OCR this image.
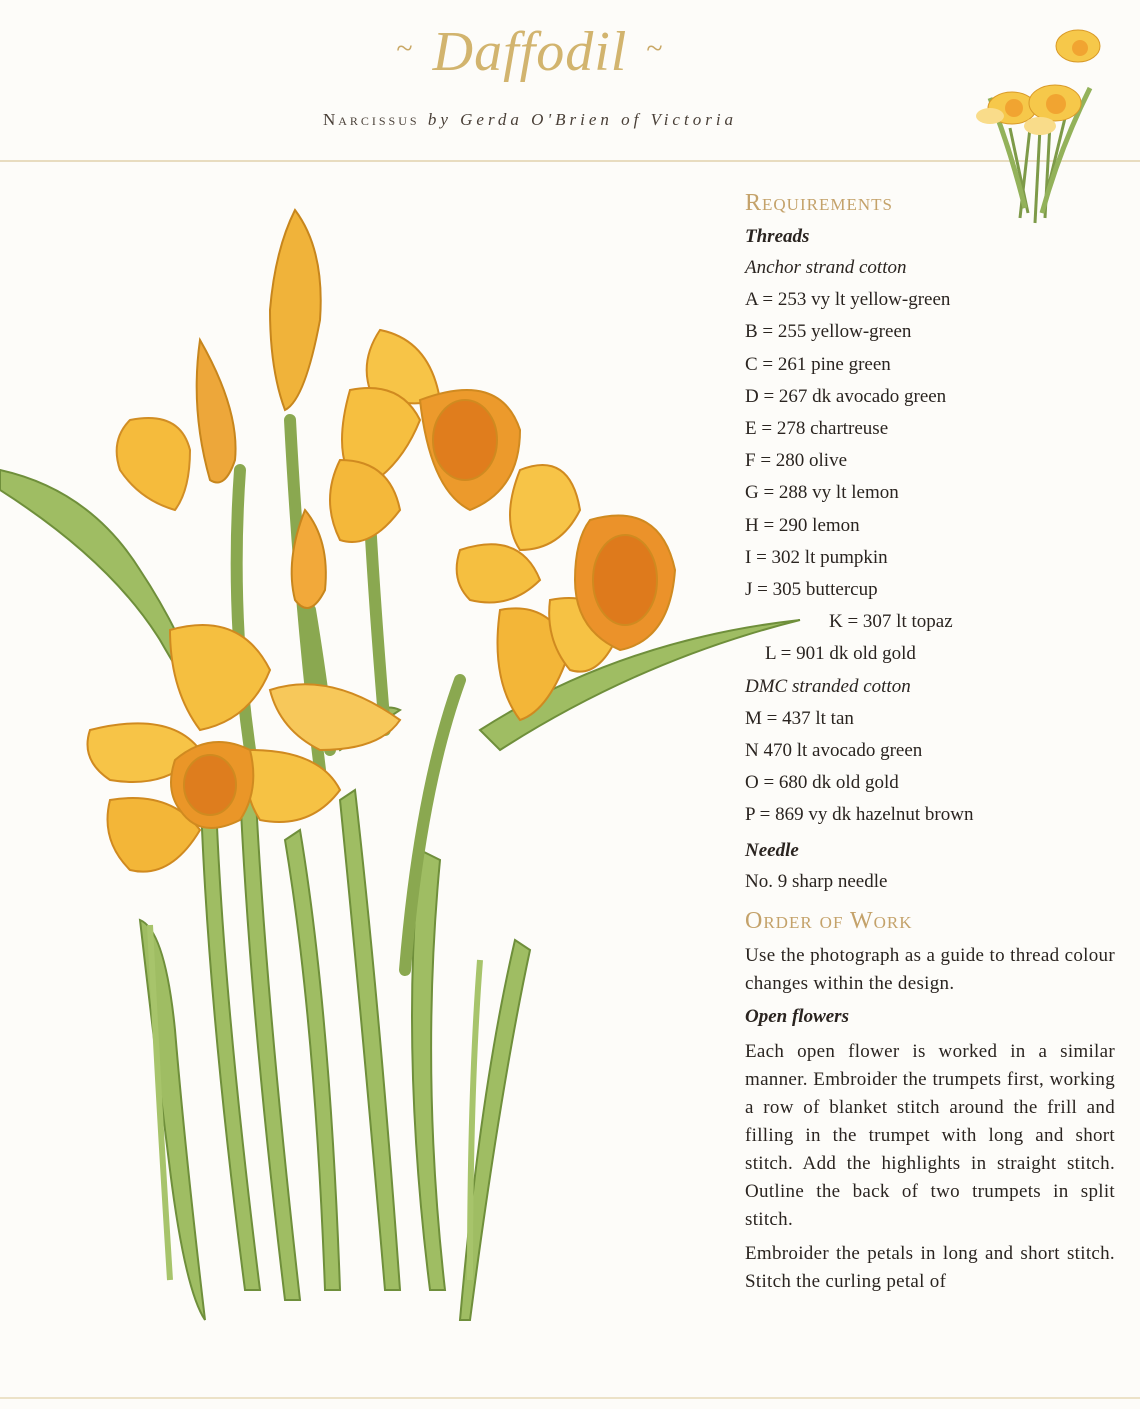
~ Daffodil ~
Narcissus by Gerda O'Brien of Victoria

Requirements

Threads

Anchor strand cotton

A = 253 vy lt yellow-green

B = 255 yellow-green

C = 261 pine green

D = 267 dk avocado green

E = 278 chartreuse

F = 280 olive

G = 288 vy lt lemon

H = 290 lemon

I = 302 lt pumpkin

J = 305 buttercup

K = 307 lt topaz

L = 901 dk old gold

DMC stranded cotton

M = 437 lt tan

N 470 lt avocado green

O = 680 dk old gold

P = 869 vy dk hazelnut brown

Needle

No. 9 sharp needle

Order of Work

Use the photograph as a guide to thread colour changes within the design.

Open flowers

Each open flower is worked in a similar manner. Embroider the trumpets first, working a row of blanket stitch around the frill and filling in the trumpet with long and short stitch. Add the highlights in straight stitch. Outline the back of two trumpets in split stitch.

Embroider the petals in long and short stitch. Stitch the curling petal of
